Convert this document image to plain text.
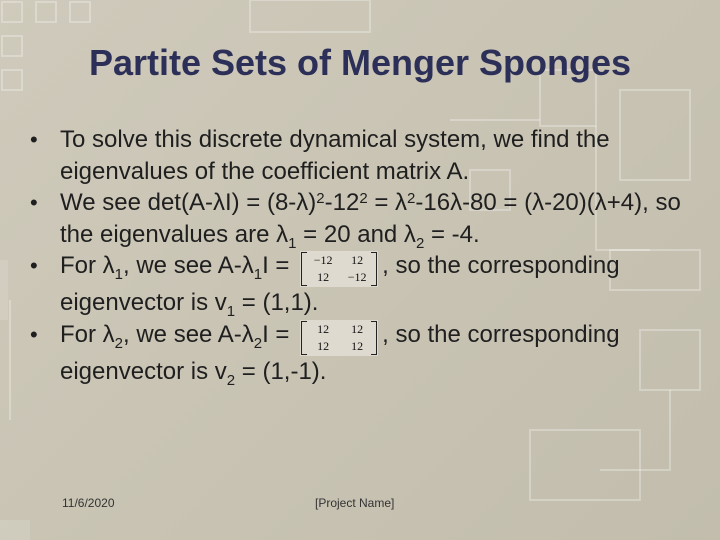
Partite Sets of Menger Sponges
• To solve this discrete dynamical system, we find the eigenvalues of the coefficient matrix A.
• We see $\det(A-\lambda I) = (8-\lambda)^2-12^2 = \lambda^2-16\lambda-80 = (\lambda-20)(\lambda+4)$, so the eigenvalues are $\lambda_1 = 20$ and $\lambda_2 = -4$.
• For $\lambda_1$, we see $A-\lambda_1I$ =	−12	12
12	−12 , so the corresponding eigenvector is $v_1 = (1,1)$.
• For $\lambda_2$, we see $A-\lambda_2I$ =	12	12
12	12 , so the corresponding eigenvector is $v_2 = (1,-1)$.
11/6/2020	[Project Name]
